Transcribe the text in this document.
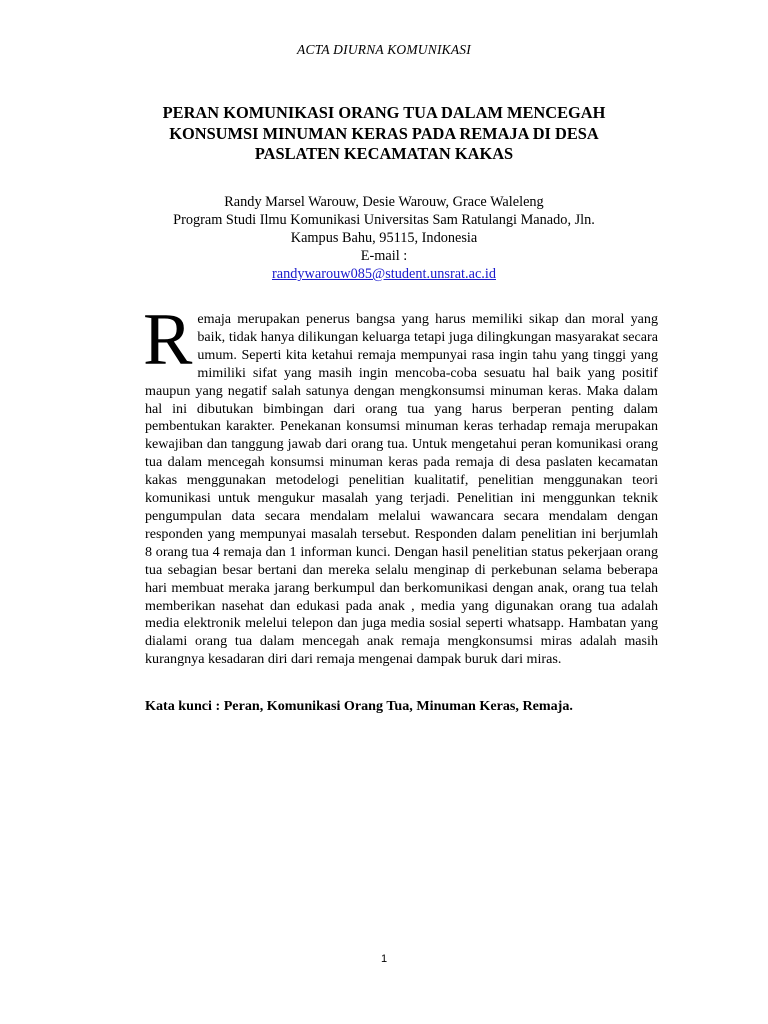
ACTA DIURNA KOMUNIKASI
PERAN KOMUNIKASI ORANG TUA DALAM MENCEGAH
KONSUMSI MINUMAN KERAS PADA REMAJA DI DESA
PASLATEN KECAMATAN KAKAS
Randy Marsel Warouw, Desie Warouw, Grace Waleleng
Program Studi Ilmu Komunikasi Universitas Sam Ratulangi Manado, Jln.
Kampus Bahu, 95115, Indonesia
E-mail :
randywarouw085@student.unsrat.ac.id
Remaja merupakan penerus bangsa yang harus memiliki sikap dan moral yang baik, tidak hanya dilikungan keluarga tetapi juga dilingkungan masyarakat secara umum. Seperti kita ketahui remaja mempunyai rasa ingin tahu yang tinggi yang mimiliki sifat yang masih ingin mencoba-coba sesuatu hal baik yang positif maupun yang negatif salah satunya dengan mengkonsumsi minuman keras. Maka dalam hal ini dibutukan bimbingan dari orang tua yang harus berperan penting dalam pembentukan karakter. Penekanan konsumsi minuman keras terhadap remaja merupakan kewajiban dan tanggung jawab dari orang tua. Untuk mengetahui peran komunikasi orang tua dalam mencegah konsumsi minuman keras pada remaja di desa paslaten kecamatan kakas menggunakan metodelogi penelitian kualitatif, penelitian menggunakan teori komunikasi untuk mengukur masalah yang terjadi. Penelitian ini menggunkan teknik pengumpulan data secara mendalam melalui wawancara secara mendalam dengan responden yang mempunyai masalah tersebut. Responden dalam penelitian ini berjumlah 8 orang tua 4 remaja dan 1 informan kunci. Dengan hasil penelitian status pekerjaan orang tua sebagian besar bertani dan mereka selalu menginap di perkebunan selama beberapa hari membuat meraka jarang berkumpul dan berkomunikasi dengan anak, orang tua telah memberikan nasehat dan edukasi pada anak , media yang digunakan orang tua adalah media elektronik melelui telepon dan juga media sosial seperti whatsapp. Hambatan yang dialami orang tua dalam mencegah anak remaja mengkonsumsi miras adalah masih kurangnya kesadaran diri dari remaja mengenai dampak buruk dari miras.
Kata kunci : Peran, Komunikasi Orang Tua, Minuman Keras, Remaja.
1
